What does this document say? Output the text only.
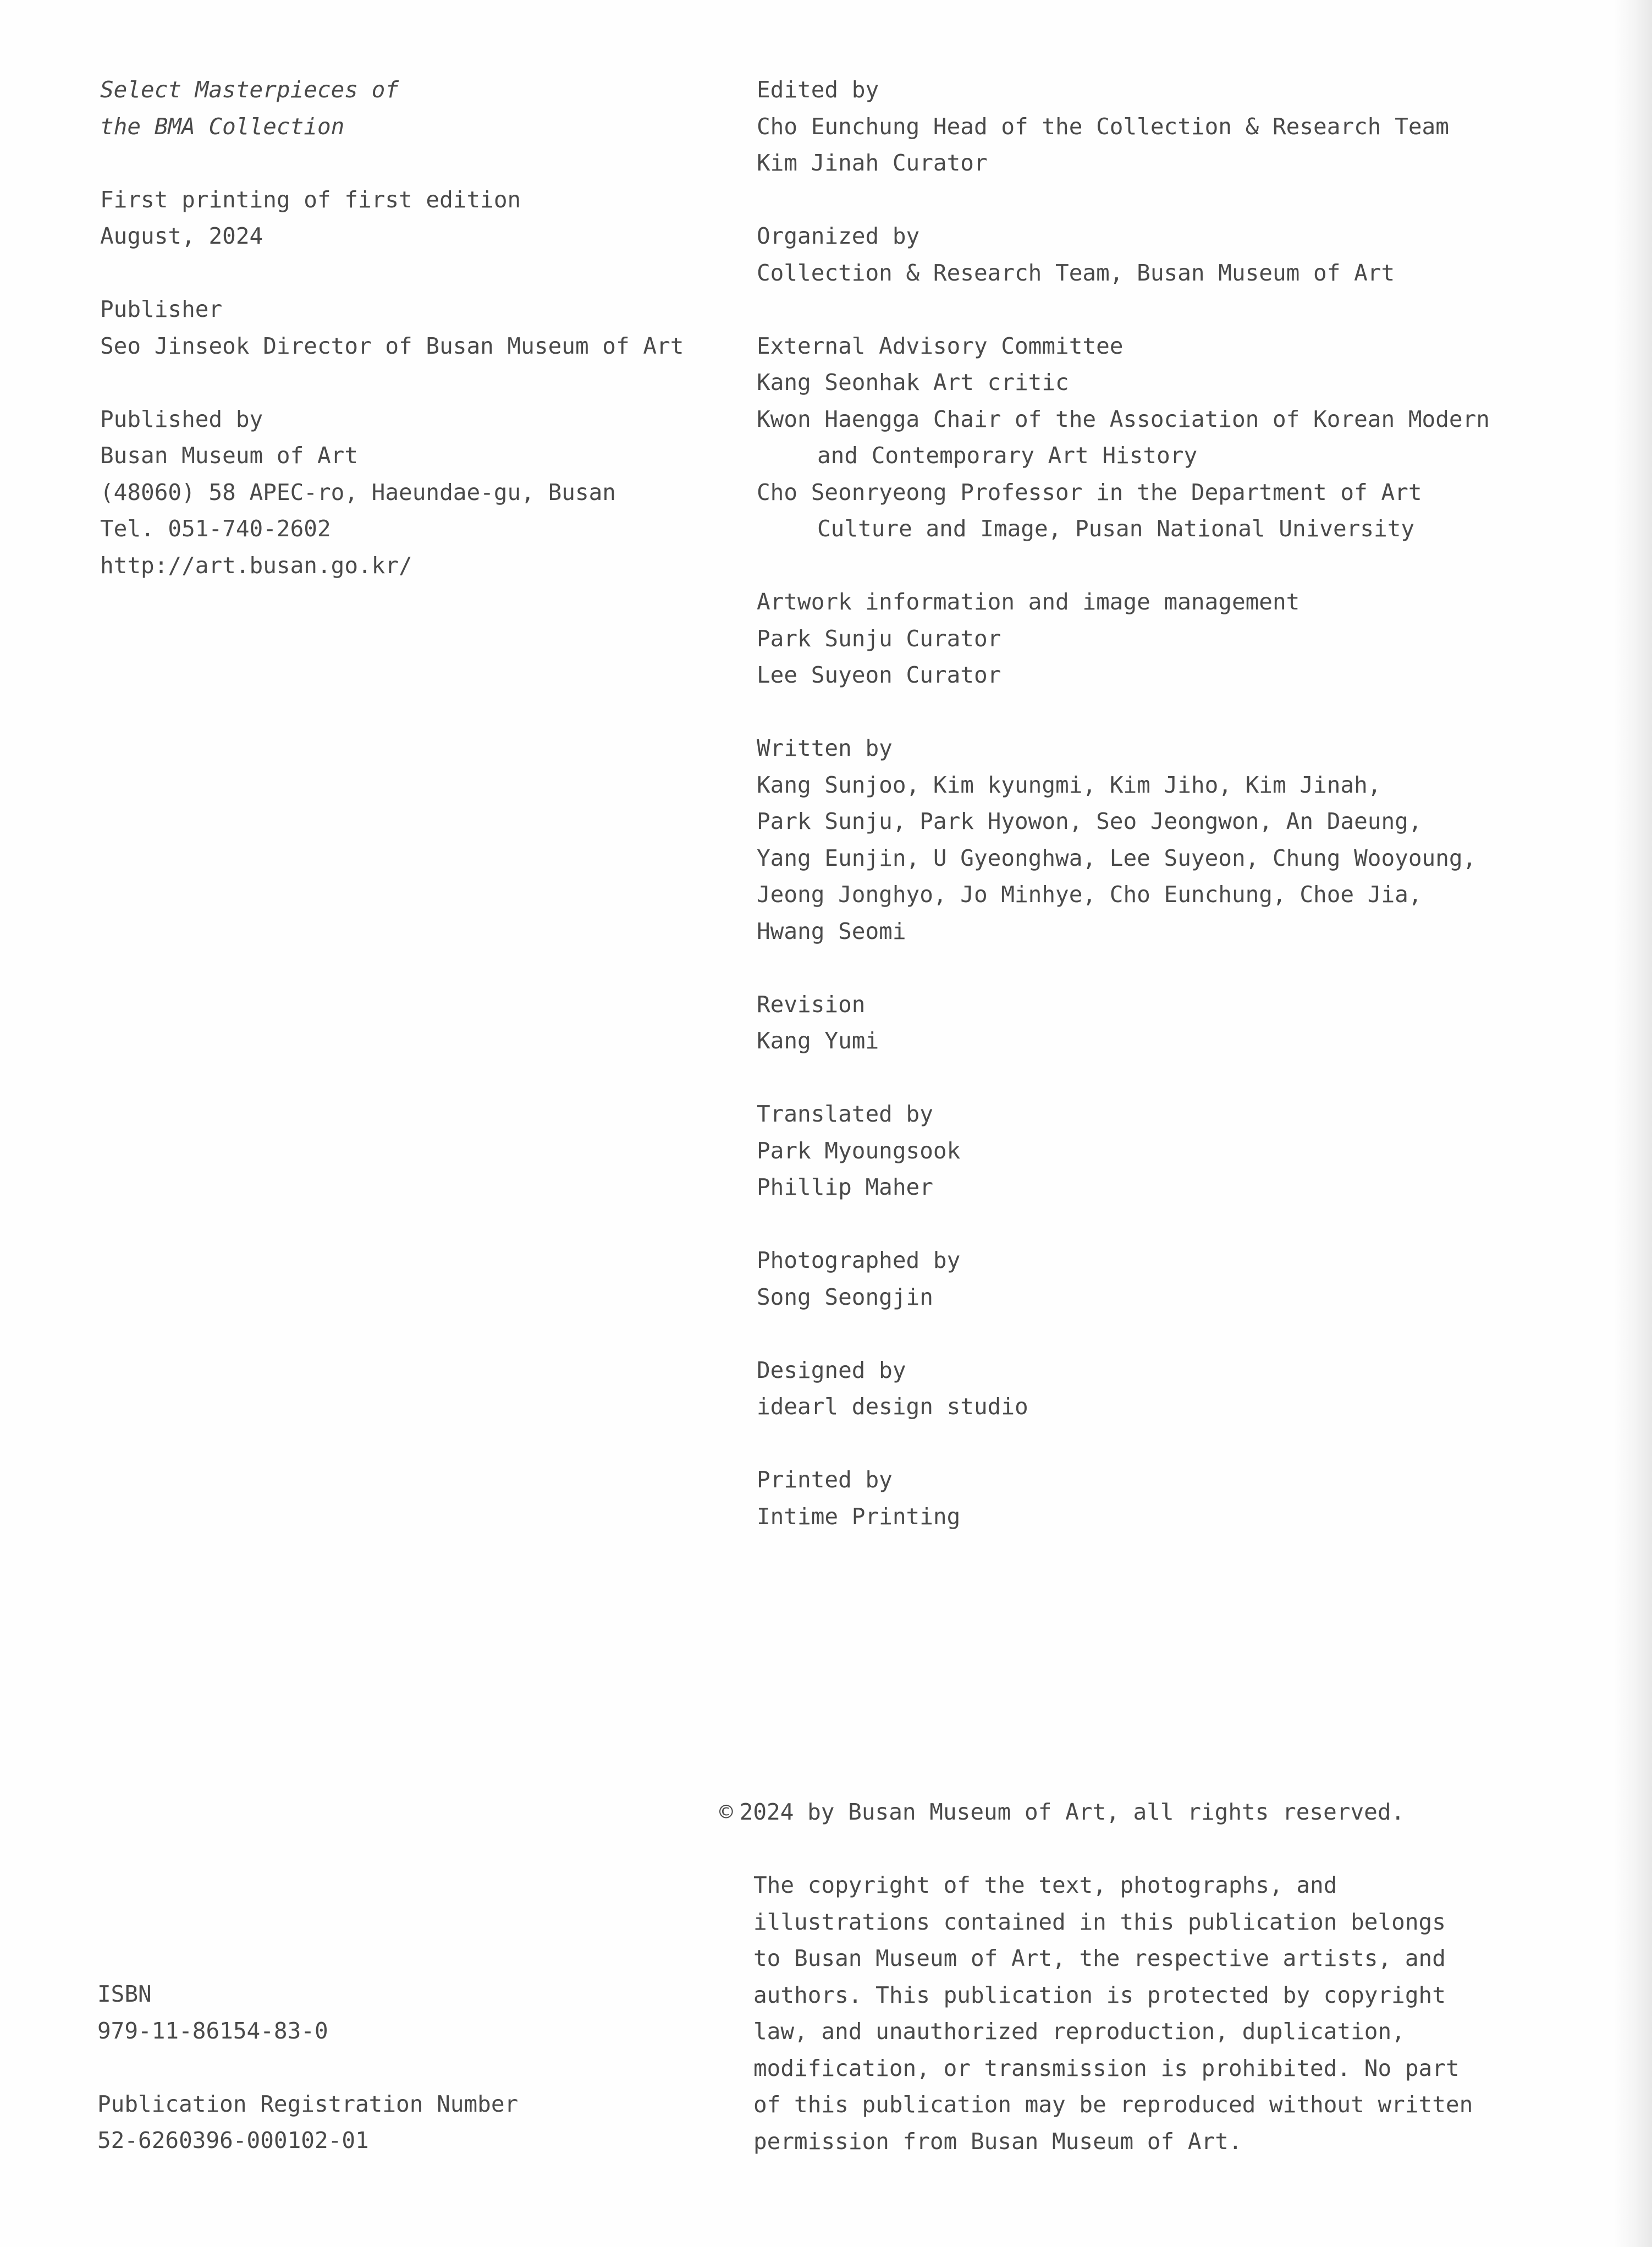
Select Masterpieces of
the BMA Collection
First printing of first edition
August, 2024
Publisher
Seo Jinseok Director of Busan Museum of Art
Published by
Busan Museum of Art
(48060) 58 APEC-ro, Haeundae-gu, Busan
Tel. 051-740-2602
http://art.busan.go.kr/
Edited by
Cho Eunchung Head of the Collection & Research Team
Kim Jinah Curator
Organized by
Collection & Research Team, Busan Museum of Art
External Advisory Committee
Kang Seonhak Art critic
Kwon Haengga Chair of the Association of Korean Modern
and Contemporary Art History
Cho Seonryeong Professor in the Department of Art
Culture and Image, Pusan National University
Artwork information and image management
Park Sunju Curator
Lee Suyeon Curator
Written by
Kang Sunjoo, Kim kyungmi, Kim Jiho, Kim Jinah,
Park Sunju, Park Hyowon, Seo Jeongwon, An Daeung,
Yang Eunjin, U Gyeonghwa, Lee Suyeon, Chung Wooyoung,
Jeong Jonghyo, Jo Minhye, Cho Eunchung, Choe Jia,
Hwang Seomi
Revision
Kang Yumi
Translated by
Park Myoungsook
Phillip Maher
Photographed by
Song Seongjin
Designed by
idearl design studio
Printed by
Intime Printing
ISBN
979-11-86154-83-0
Publication Registration Number
52-6260396-000102-01
© 2024 by Busan Museum of Art, all rights reserved.
The copyright of the text, photographs, and
illustrations contained in this publication belongs
to Busan Museum of Art, the respective artists, and
authors. This publication is protected by copyright
law, and unauthorized reproduction, duplication,
modification, or transmission is prohibited. No part
of this publication may be reproduced without written
permission from Busan Museum of Art.
